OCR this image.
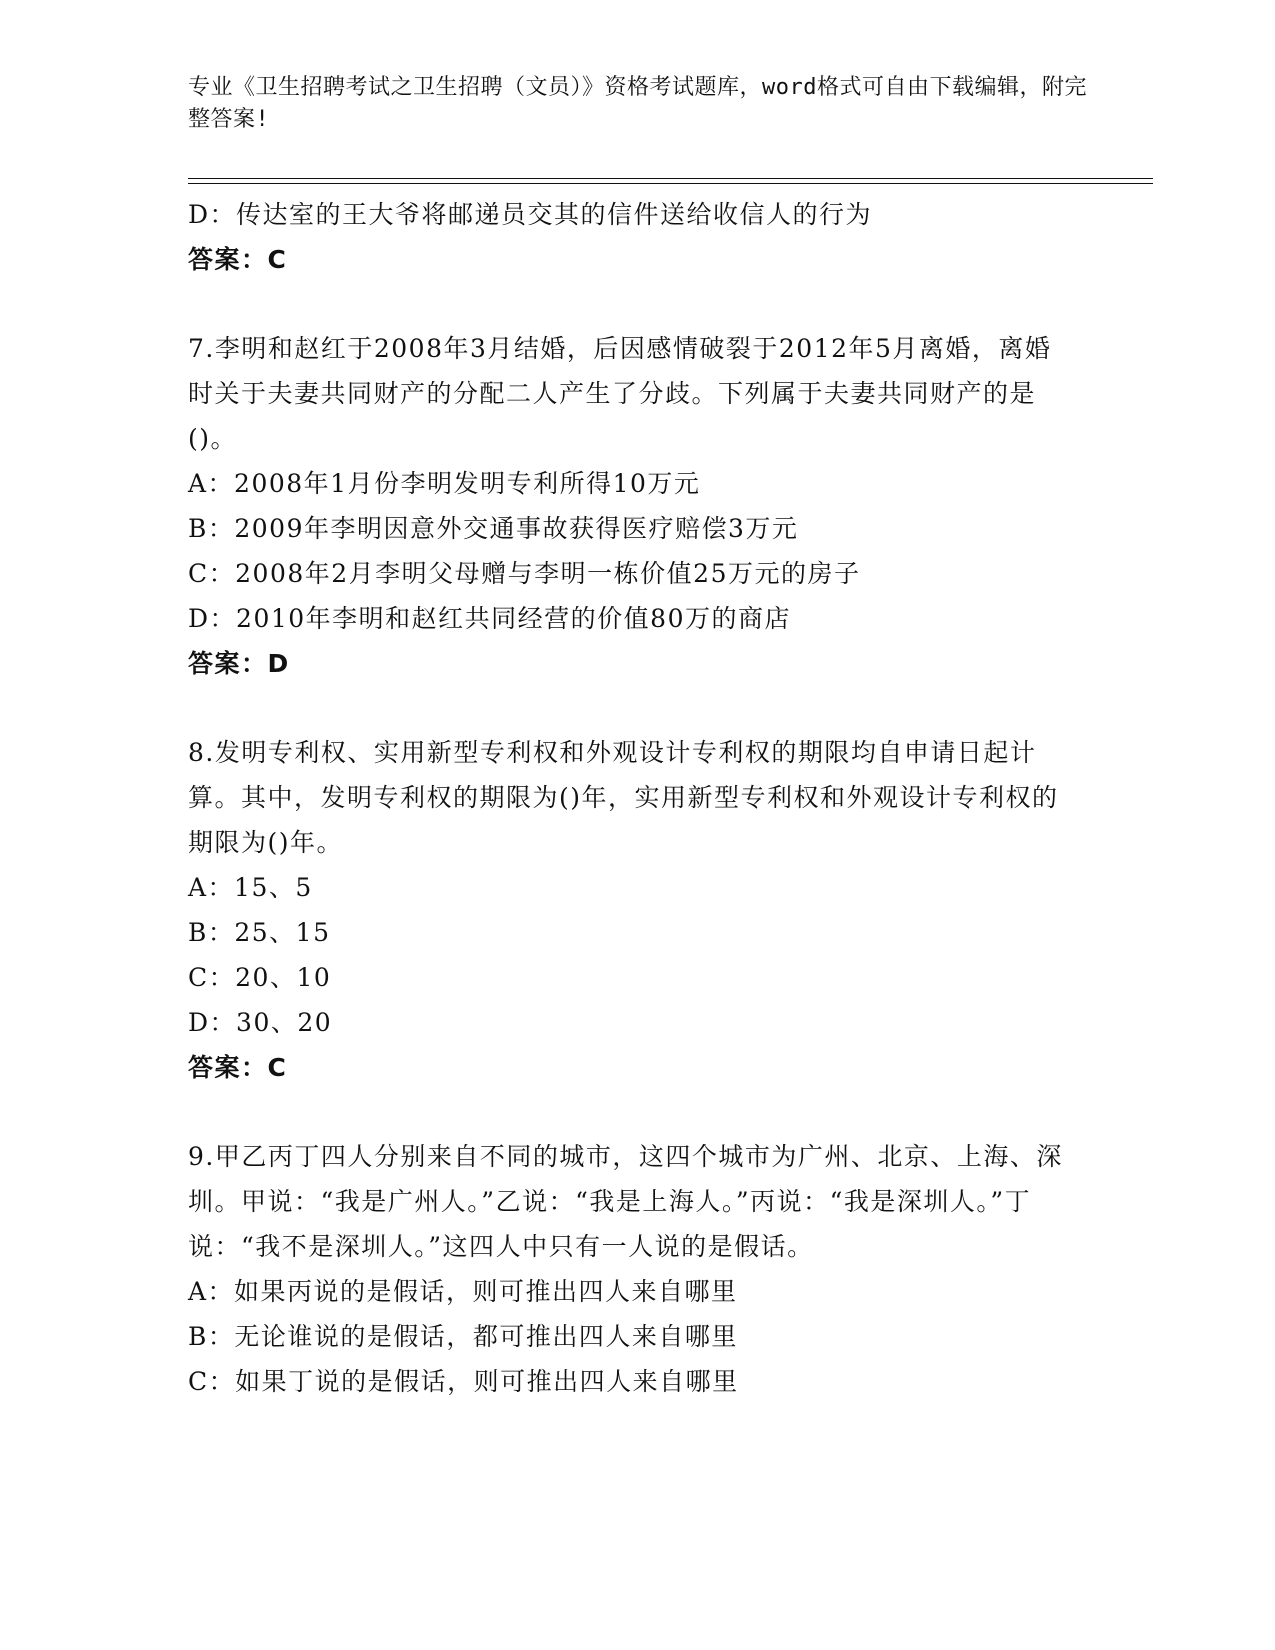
专业《卫生招聘考试之卫生招聘（文员）》资格考试题库，word格式可自由下载编辑，附完整答案!

D：传达室的王大爷将邮递员交其的信件送给收信人的行为

答案：C

7.李明和赵红于2008年3月结婚，后因感情破裂于2012年5月离婚，离婚时关于夫妻共同财产的分配二人产生了分歧。下列属于夫妻共同财产的是()。

A：2008年1月份李明发明专利所得10万元

B：2009年李明因意外交通事故获得医疗赔偿3万元

C：2008年2月李明父母赠与李明一栋价值25万元的房子

D：2010年李明和赵红共同经营的价值80万的商店

答案：D

8.发明专利权、实用新型专利权和外观设计专利权的期限均自申请日起计算。其中，发明专利权的期限为()年，实用新型专利权和外观设计专利权的期限为()年。

A：15、5

B：25、15

C：20、10

D：30、20

答案：C

9.甲乙丙丁四人分别来自不同的城市，这四个城市为广州、北京、上海、深圳。甲说：“我是广州人。”乙说：“我是上海人。”丙说：“我是深圳人。”丁说：“我不是深圳人。”这四人中只有一人说的是假话。

A：如果丙说的是假话，则可推出四人来自哪里

B：无论谁说的是假话，都可推出四人来自哪里

C：如果丁说的是假话，则可推出四人来自哪里
